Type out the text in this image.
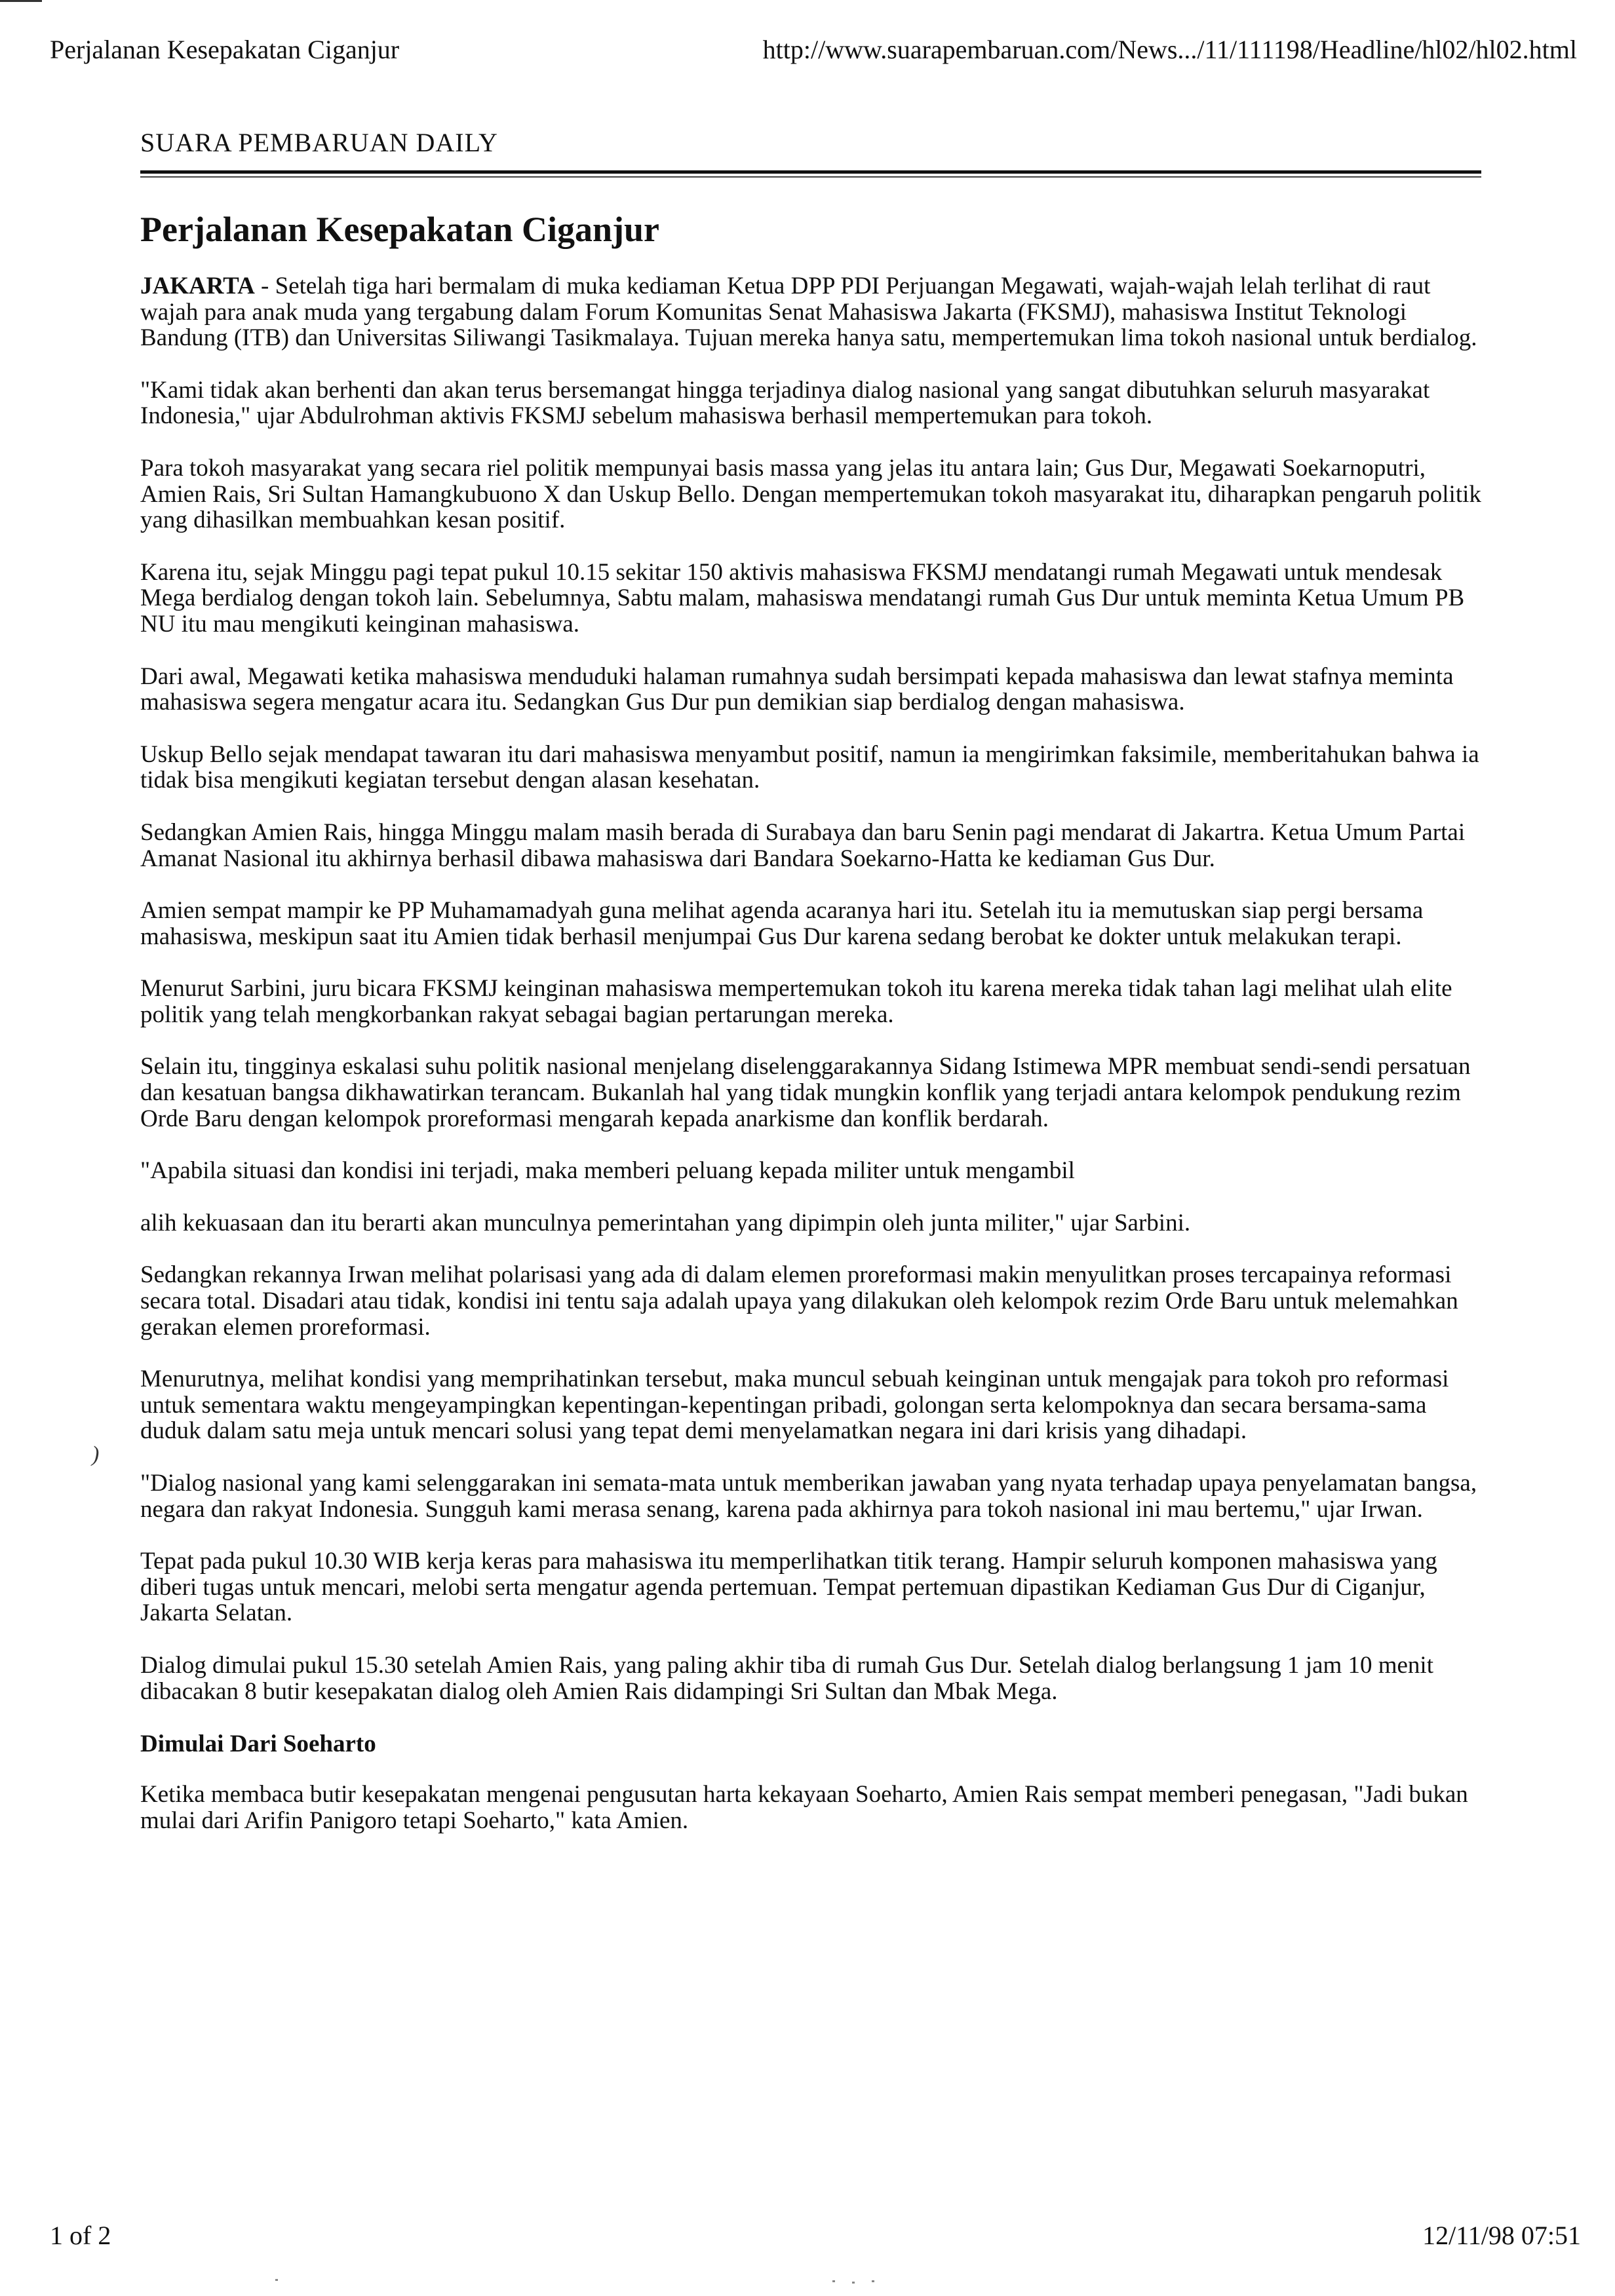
Perjalanan Kesepakatan Ciganjur	http://www.suarapembaruan.com/News.../11/111198/Headline/hl02/hl02.html
SUARA PEMBARUAN DAILY
Perjalanan Kesepakatan Ciganjur

JAKARTA - Setelah tiga hari bermalam di muka kediaman Ketua DPP PDI Perjuangan Megawati, wajah-wajah lelah terlihat di raut wajah para anak muda yang tergabung dalam Forum Komunitas Senat Mahasiswa Jakarta (FKSMJ), mahasiswa Institut Teknologi Bandung (ITB) dan Universitas Siliwangi Tasikmalaya. Tujuan mereka hanya satu, mempertemukan lima tokoh nasional untuk berdialog.

"Kami tidak akan berhenti dan akan terus bersemangat hingga terjadinya dialog nasional yang sangat dibutuhkan seluruh masyarakat Indonesia," ujar Abdulrohman aktivis FKSMJ sebelum mahasiswa berhasil mempertemukan para tokoh.

Para tokoh masyarakat yang secara riel politik mempunyai basis massa yang jelas itu antara lain; Gus Dur, Megawati Soekarnoputri, Amien Rais, Sri Sultan Hamangkubuono X dan Uskup Bello. Dengan mempertemukan tokoh masyarakat itu, diharapkan pengaruh politik yang dihasilkan membuahkan kesan positif.

Karena itu, sejak Minggu pagi tepat pukul 10.15 sekitar 150 aktivis mahasiswa FKSMJ mendatangi rumah Megawati untuk mendesak Mega berdialog dengan tokoh lain. Sebelumnya, Sabtu malam, mahasiswa mendatangi rumah Gus Dur untuk meminta Ketua Umum PB NU itu mau mengikuti keinginan mahasiswa.

Dari awal, Megawati ketika mahasiswa menduduki halaman rumahnya sudah bersimpati kepada mahasiswa dan lewat stafnya meminta mahasiswa segera mengatur acara itu. Sedangkan Gus Dur pun demikian siap berdialog dengan mahasiswa.

Uskup Bello sejak mendapat tawaran itu dari mahasiswa menyambut positif, namun ia mengirimkan faksimile, memberitahukan bahwa ia tidak bisa mengikuti kegiatan tersebut dengan alasan kesehatan.

Sedangkan Amien Rais, hingga Minggu malam masih berada di Surabaya dan baru Senin pagi mendarat di Jakartra. Ketua Umum Partai Amanat Nasional itu akhirnya berhasil dibawa mahasiswa dari Bandara Soekarno-Hatta ke kediaman Gus Dur.

Amien sempat mampir ke PP Muhamamadyah guna melihat agenda acaranya hari itu. Setelah itu ia memutuskan siap pergi bersama mahasiswa, meskipun saat itu Amien tidak berhasil menjumpai Gus Dur karena sedang berobat ke dokter untuk melakukan terapi.

Menurut Sarbini, juru bicara FKSMJ keinginan mahasiswa mempertemukan tokoh itu karena mereka tidak tahan lagi melihat ulah elite politik yang telah mengkorbankan rakyat sebagai bagian pertarungan mereka.

Selain itu, tingginya eskalasi suhu politik nasional menjelang diselenggarakannya Sidang Istimewa MPR membuat sendi-sendi persatuan dan kesatuan bangsa dikhawatirkan terancam. Bukanlah hal yang tidak mungkin konflik yang terjadi antara kelompok pendukung rezim Orde Baru dengan kelompok proreformasi mengarah kepada anarkisme dan konflik berdarah.

"Apabila situasi dan kondisi ini terjadi, maka memberi peluang kepada militer untuk mengambil

alih kekuasaan dan itu berarti akan munculnya pemerintahan yang dipimpin oleh junta militer," ujar Sarbini.

Sedangkan rekannya Irwan melihat polarisasi yang ada di dalam elemen proreformasi makin menyulitkan proses tercapainya reformasi secara total. Disadari atau tidak, kondisi ini tentu saja adalah upaya yang dilakukan oleh kelompok rezim Orde Baru untuk melemahkan gerakan elemen proreformasi.

Menurutnya, melihat kondisi yang memprihatinkan tersebut, maka muncul sebuah keinginan untuk mengajak para tokoh pro reformasi untuk sementara waktu mengeyampingkan kepentingan-kepentingan pribadi, golongan serta kelompoknya dan secara bersama-sama duduk dalam satu meja untuk mencari solusi yang tepat demi menyelamatkan negara ini dari krisis yang dihadapi.

"Dialog nasional yang kami selenggarakan ini semata-mata untuk memberikan jawaban yang nyata terhadap upaya penyelamatan bangsa, negara dan rakyat Indonesia. Sungguh kami merasa senang, karena pada akhirnya para tokoh nasional ini mau bertemu," ujar Irwan.

Tepat pada pukul 10.30 WIB kerja keras para mahasiswa itu memperlihatkan titik terang. Hampir seluruh komponen mahasiswa yang diberi tugas untuk mencari, melobi serta mengatur agenda pertemuan. Tempat pertemuan dipastikan Kediaman Gus Dur di Ciganjur, Jakarta Selatan.

Dialog dimulai pukul 15.30 setelah Amien Rais, yang paling akhir tiba di rumah Gus Dur. Setelah dialog berlangsung 1 jam 10 menit dibacakan 8 butir kesepakatan dialog oleh Amien Rais didampingi Sri Sultan dan Mbak Mega.

Dimulai Dari Soeharto

Ketika membaca butir kesepakatan mengenai pengusutan harta kekayaan Soeharto, Amien Rais sempat memberi penegasan, "Jadi bukan mulai dari Arifin Panigoro tetapi Soeharto," kata Amien.

)
1 of 2	12/11/98 07:51
